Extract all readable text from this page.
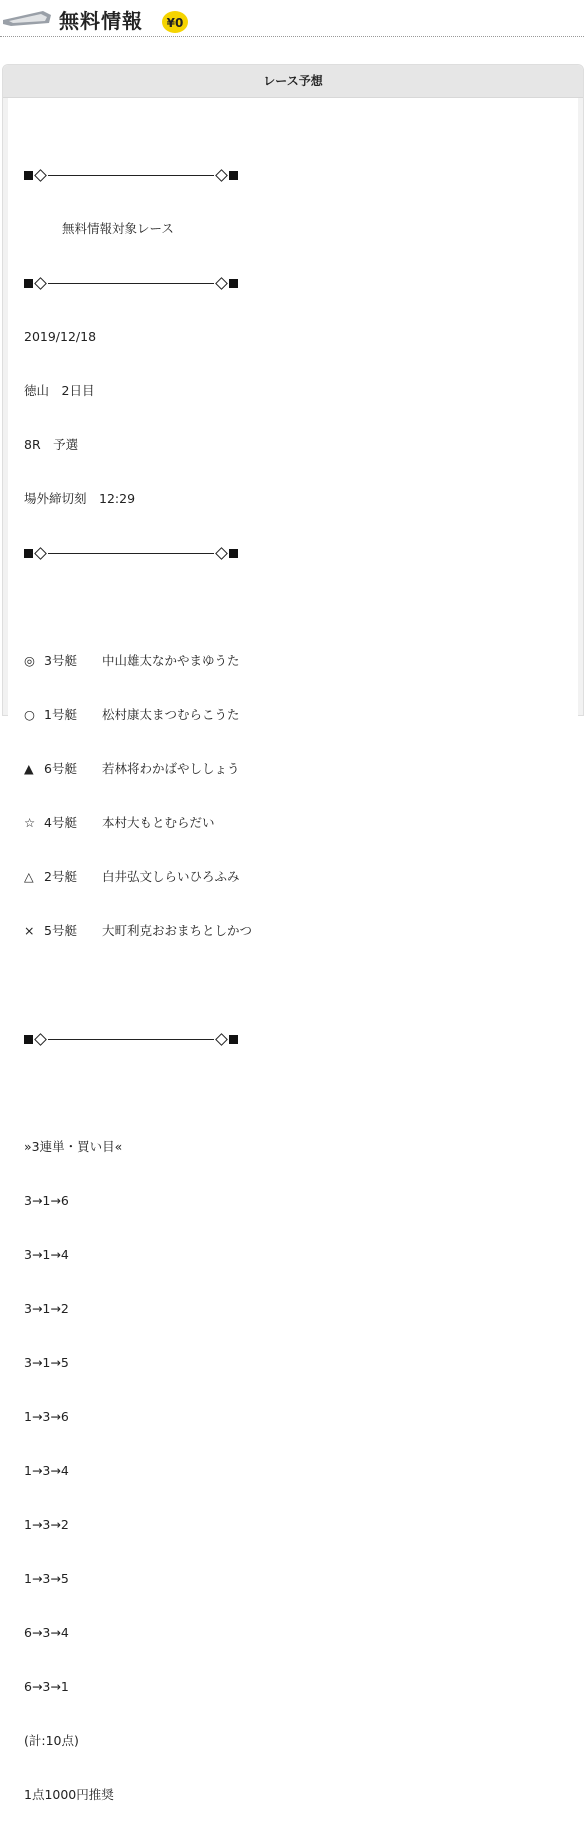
無料情報 ¥0
レース予想

無料情報対象レース

2019/12/18

徳山　2日目

8R　予選

場外締切刻　12:29

◎ 3号艇	中山雄太なかやまゆうた

○ 1号艇	松村康太まつむらこうた

▲ 6号艇	若林将わかばやししょう

☆ 4号艇	本村大もとむらだい

△ 2号艇	白井弘文しらいひろふみ

× 5号艇	大町利克おおまちとしかつ

»3連単・買い目«

3→1→6

3→1→4

3→1→2

3→1→5

1→3→6

1→3→4

1→3→2

1→3→5

6→3→4

6→3→1

(計:10点)

1点1000円推奨
